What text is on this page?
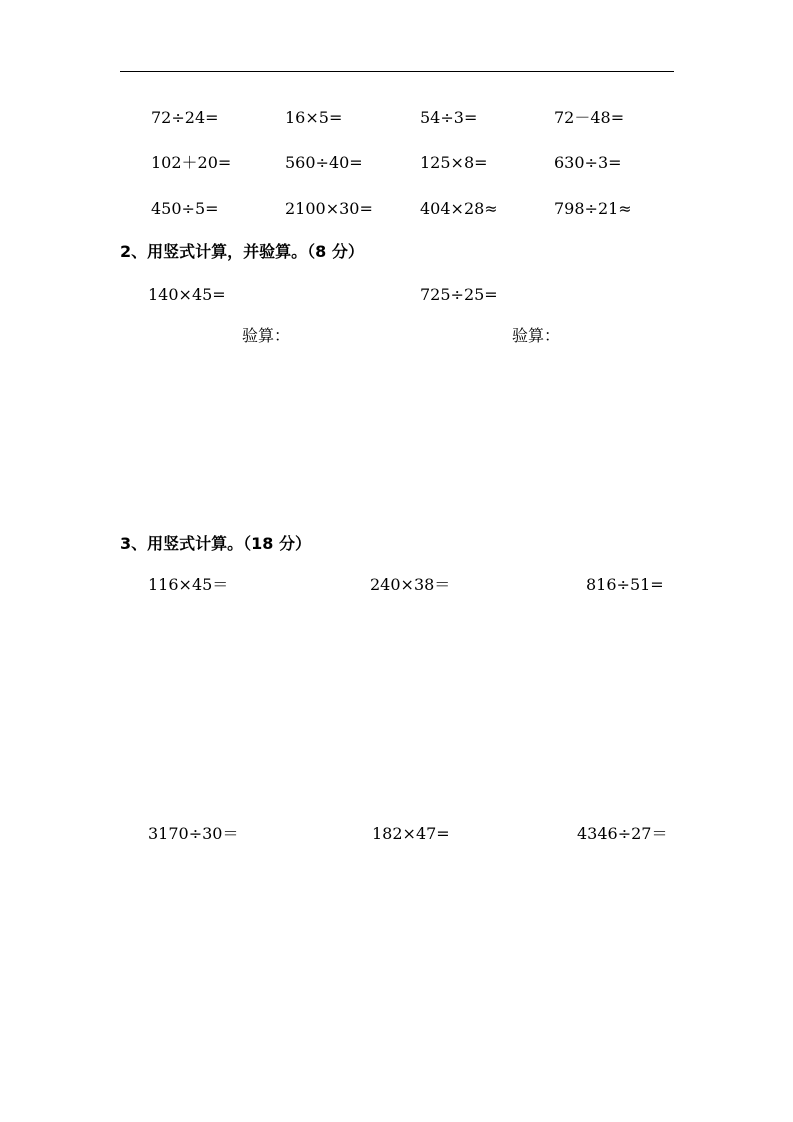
72÷24=	16×5=	54÷3=	72－48=
102＋20=	560÷40=	125×8=	630÷3=
450÷5=	2100×30=	404×28≈	798÷21≈
2、用竖式计算，并验算。（8 分）
140×45=	725÷25=
验算：	验算：
3、用竖式计算。（18 分）
116×45＝	240×38＝	816÷51=
3170÷30＝	182×47=	4346÷27＝
